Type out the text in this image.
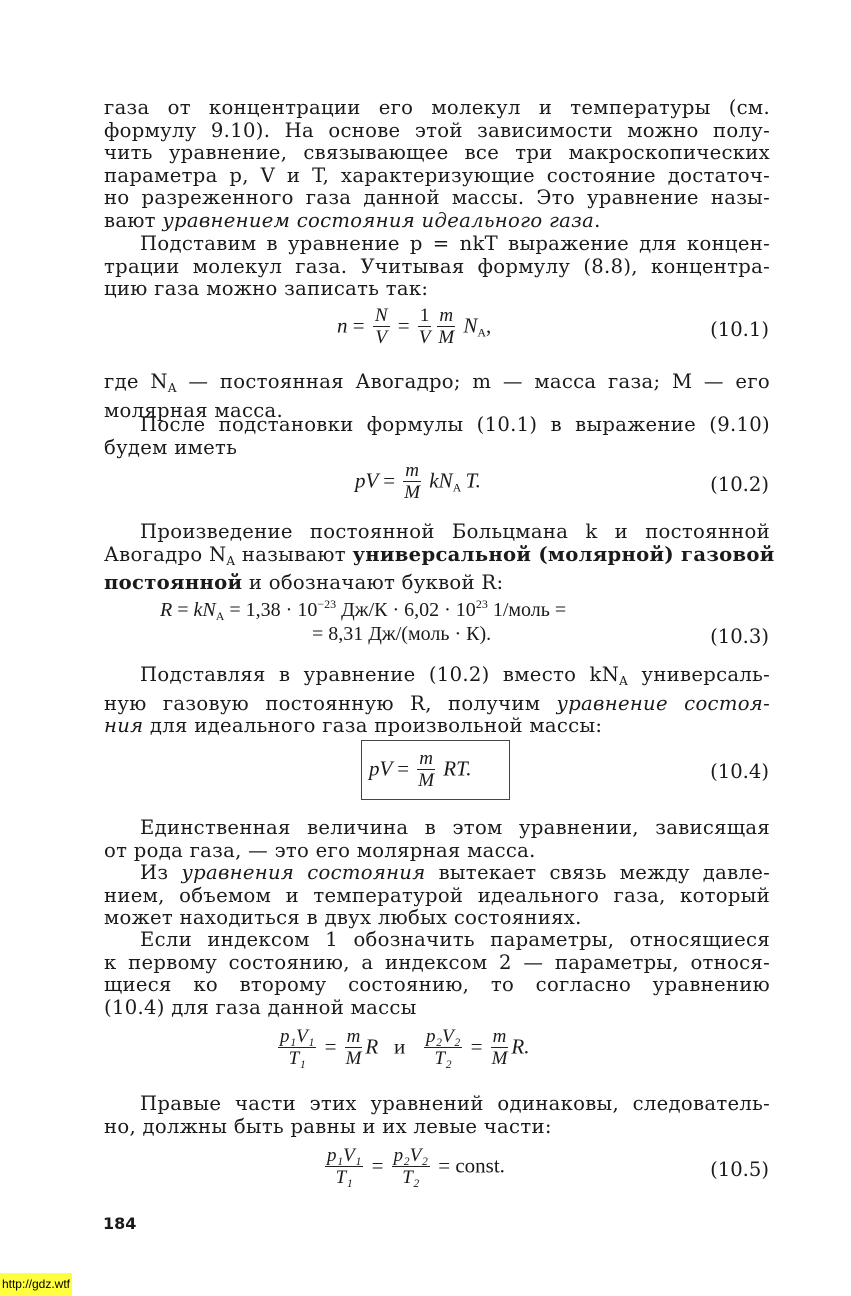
газа от концентрации его молекул и температуры (см.
формулу 9.10). На основе этой зависимости можно полу-
чить уравнение, связывающее все три макроскопических
параметра p, V и T, характеризующие состояние достаточ-
но разреженного газа данной массы. Это уравнение назы-
вают уравнением состояния идеального газа.
Подставим в уравнение p = nkT выражение для концен-
трации молекул газа. Учитывая формулу (8.8), концентра-
цию газа можно записать так:
$n = \frac{N}{V} = \frac{1}{V} \frac{m}{M} N_A$,	(10.1)
где $N_A$ — постоянная Авогадро; m — масса газа; M — его
молярная масса.
После подстановки формулы (10.1) в выражение (9.10)
будем иметь
pV = $\frac{m}{M} kN_A$  T.	(10.2)
Произведение постоянной Больцмана k и постоянной
Авогадро $N_A$ называют универсальной (молярной) газовой
постоянной и обозначают буквой R:
$R = kN_A = 1,38 \cdot 10^{-23}$ $Дж/К \cdot 6,02 \cdot 10^{23}$ 1/моль =
= 8,31 Дж/(моль · К).	(10.3)
Подставляя в уравнение (10.2) вместо $kN_A$ универсаль-
ную газовую постоянную R, получим уравнение состоя-
ния для идеального газа произвольной массы:
pV = $\frac{m}{M}$ RT.	(10.4)
Единственная величина в этом уравнении, зависящая
от рода газа, — это его молярная масса.
Из уравнения состояния вытекает связь между давле-
нием, объемом и температурой идеального газа, который
может находиться в двух любых состояниях.
Если индексом 1 обозначить параметры, относящиеся
к первому состоянию, а индексом 2 — параметры, относя-
щиеся ко второму состоянию, то согласно уравнению
(10.4) для газа данной массы
$\frac{\text{p₁V₁}}{\text{T₁}} = \frac{m}{M}$ R и $\frac{\text{p₂V₂}}{\text{T₂}} = \frac{m}{M} R$.
Правые части этих уравнений одинаковы, следователь-
но, должны быть равны и их левые части:
$\frac{\text{p₁V₁}}{\text{T₁}} = \frac{\text{p₂V₂}}{\text{T₂}}$ = const.	(10.5)
184
http://gdz.wtf
